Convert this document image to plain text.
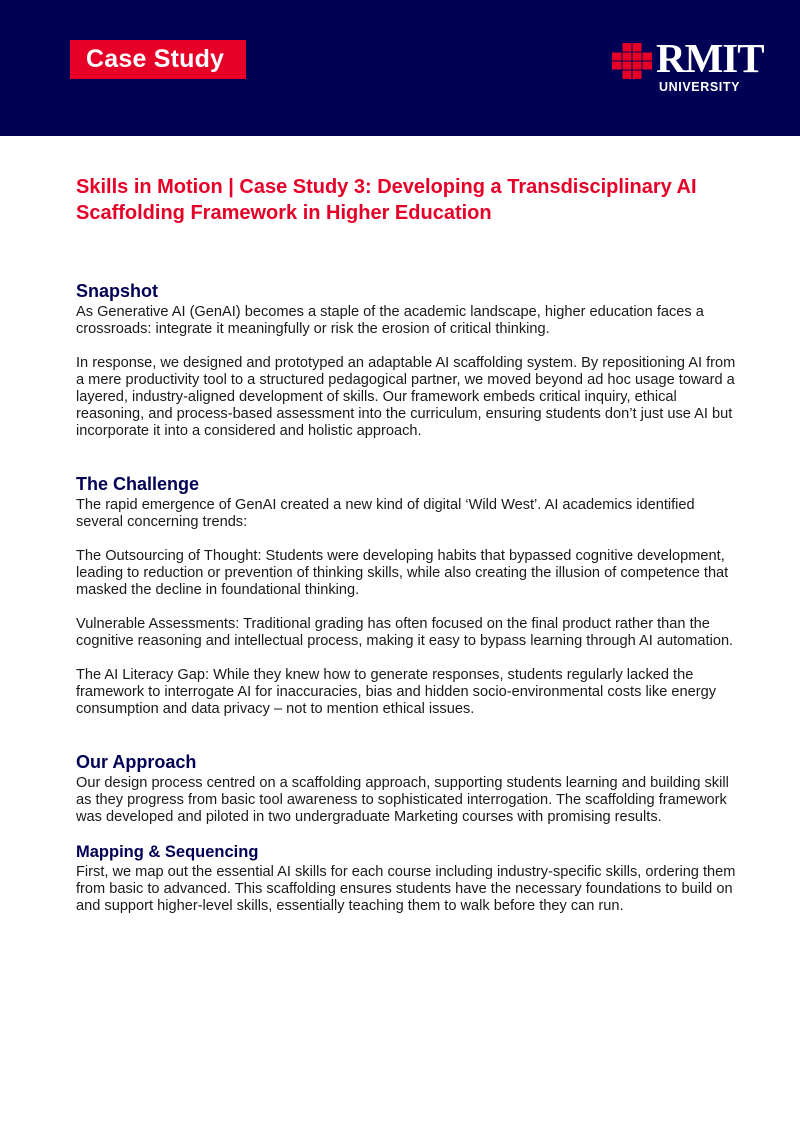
Case Study	RMIT
UNIVERSITY
Skills in Motion | Case Study 3: Developing a Transdisciplinary AI Scaffolding Framework in Higher Education
Snapshot

As Generative AI (GenAI) becomes a staple of the academic landscape, higher education faces a crossroads: integrate it meaningfully or risk the erosion of critical thinking.

In response, we designed and prototyped an adaptable AI scaffolding system. By repositioning AI from a mere productivity tool to a structured pedagogical partner, we moved beyond ad hoc usage toward a layered, industry-aligned development of skills. Our framework embeds critical inquiry, ethical reasoning, and process-based assessment into the curriculum, ensuring students don’t just use AI but incorporate it into a considered and holistic approach.

The Challenge

The rapid emergence of GenAI created a new kind of digital ‘Wild West’. AI academics identified several concerning trends:

The Outsourcing of Thought: Students were developing habits that bypassed cognitive development, leading to reduction or prevention of thinking skills, while also creating the illusion of competence that masked the decline in foundational thinking.

Vulnerable Assessments: Traditional grading has often focused on the final product rather than the cognitive reasoning and intellectual process, making it easy to bypass learning through AI automation.

The AI Literacy Gap: While they knew how to generate responses, students regularly lacked the framework to interrogate AI for inaccuracies, bias and hidden socio-environmental costs like energy consumption and data privacy – not to mention ethical issues.

Our Approach

Our design process centred on a scaffolding approach, supporting students learning and building skill as they progress from basic tool awareness to sophisticated interrogation. The scaffolding framework was developed and piloted in two undergraduate Marketing courses with promising results.

Mapping & Sequencing

First, we map out the essential AI skills for each course including industry-specific skills, ordering them from basic to advanced. This scaffolding ensures students have the necessary foundations to build on and support higher-level skills, essentially teaching them to walk before they can run.
